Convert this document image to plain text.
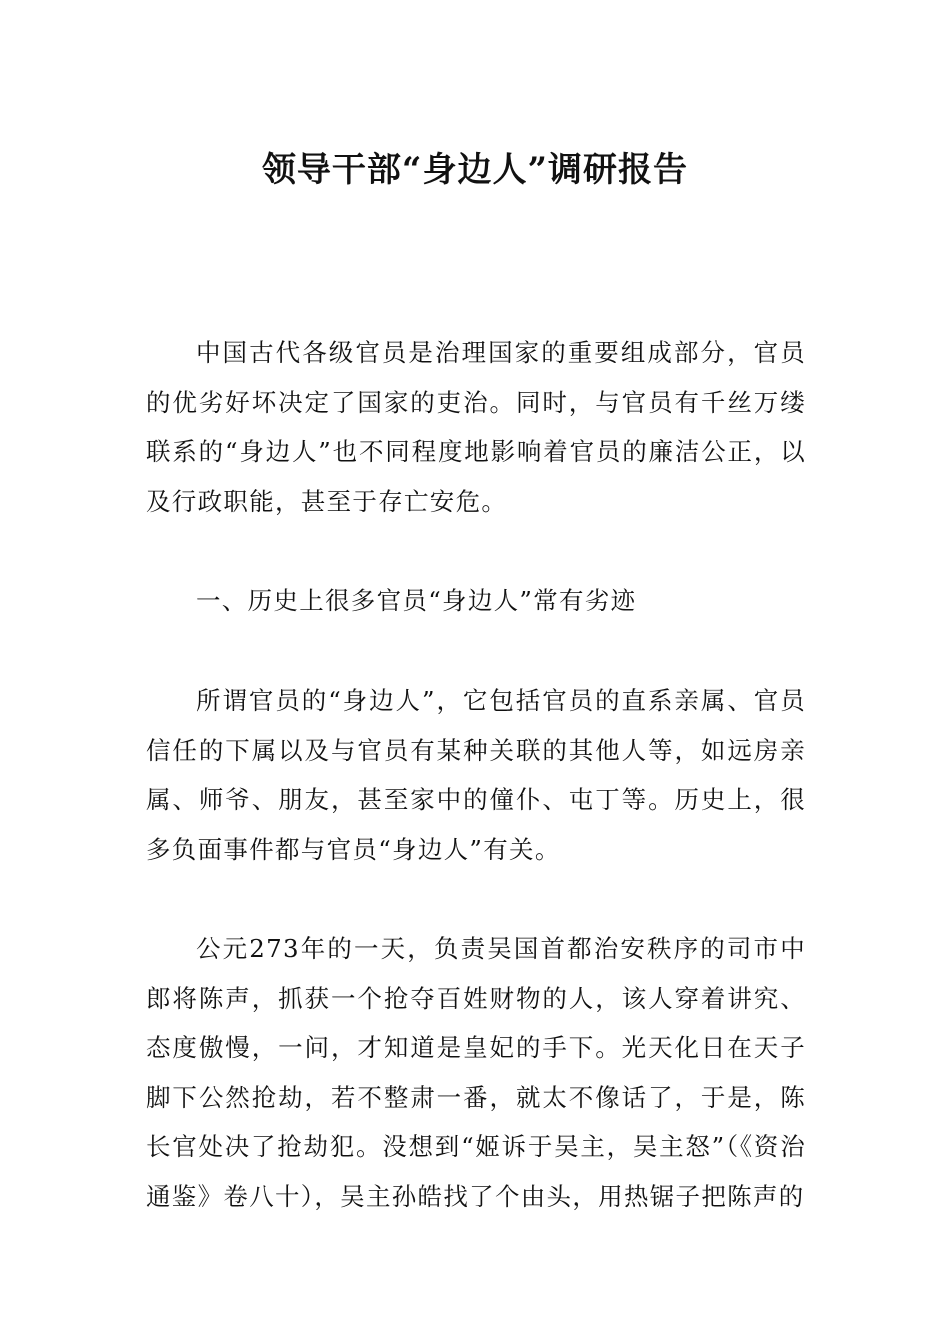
领导干部“身边人”调研报告

中国古代各级官员是治理国家的重要组成部分，官员的优劣好坏决定了国家的吏治。同时，与官员有千丝万缕联系的“身边人”也不同程度地影响着官员的廉洁公正，以及行政职能，甚至于存亡安危。

一、历史上很多官员“身边人”常有劣迹

所谓官员的“身边人”，它包括官员的直系亲属、官员信任的下属以及与官员有某种关联的其他人等，如远房亲属、师爷、朋友，甚至家中的僮仆、屯丁等。历史上，很多负面事件都与官员“身边人”有关。

公元273年的一天，负责吴国首都治安秩序的司市中郎将陈声，抓获一个抢夺百姓财物的人，该人穿着讲究、态度傲慢，一问，才知道是皇妃的手下。光天化日在天子脚下公然抢劫，若不整肃一番，就太不像话了，于是，陈长官处决了抢劫犯。没想到“姬诉于吴主，吴主怒”（《资治通鉴》卷八十），吴主孙皓找了个由头，用热锯子把陈声的
